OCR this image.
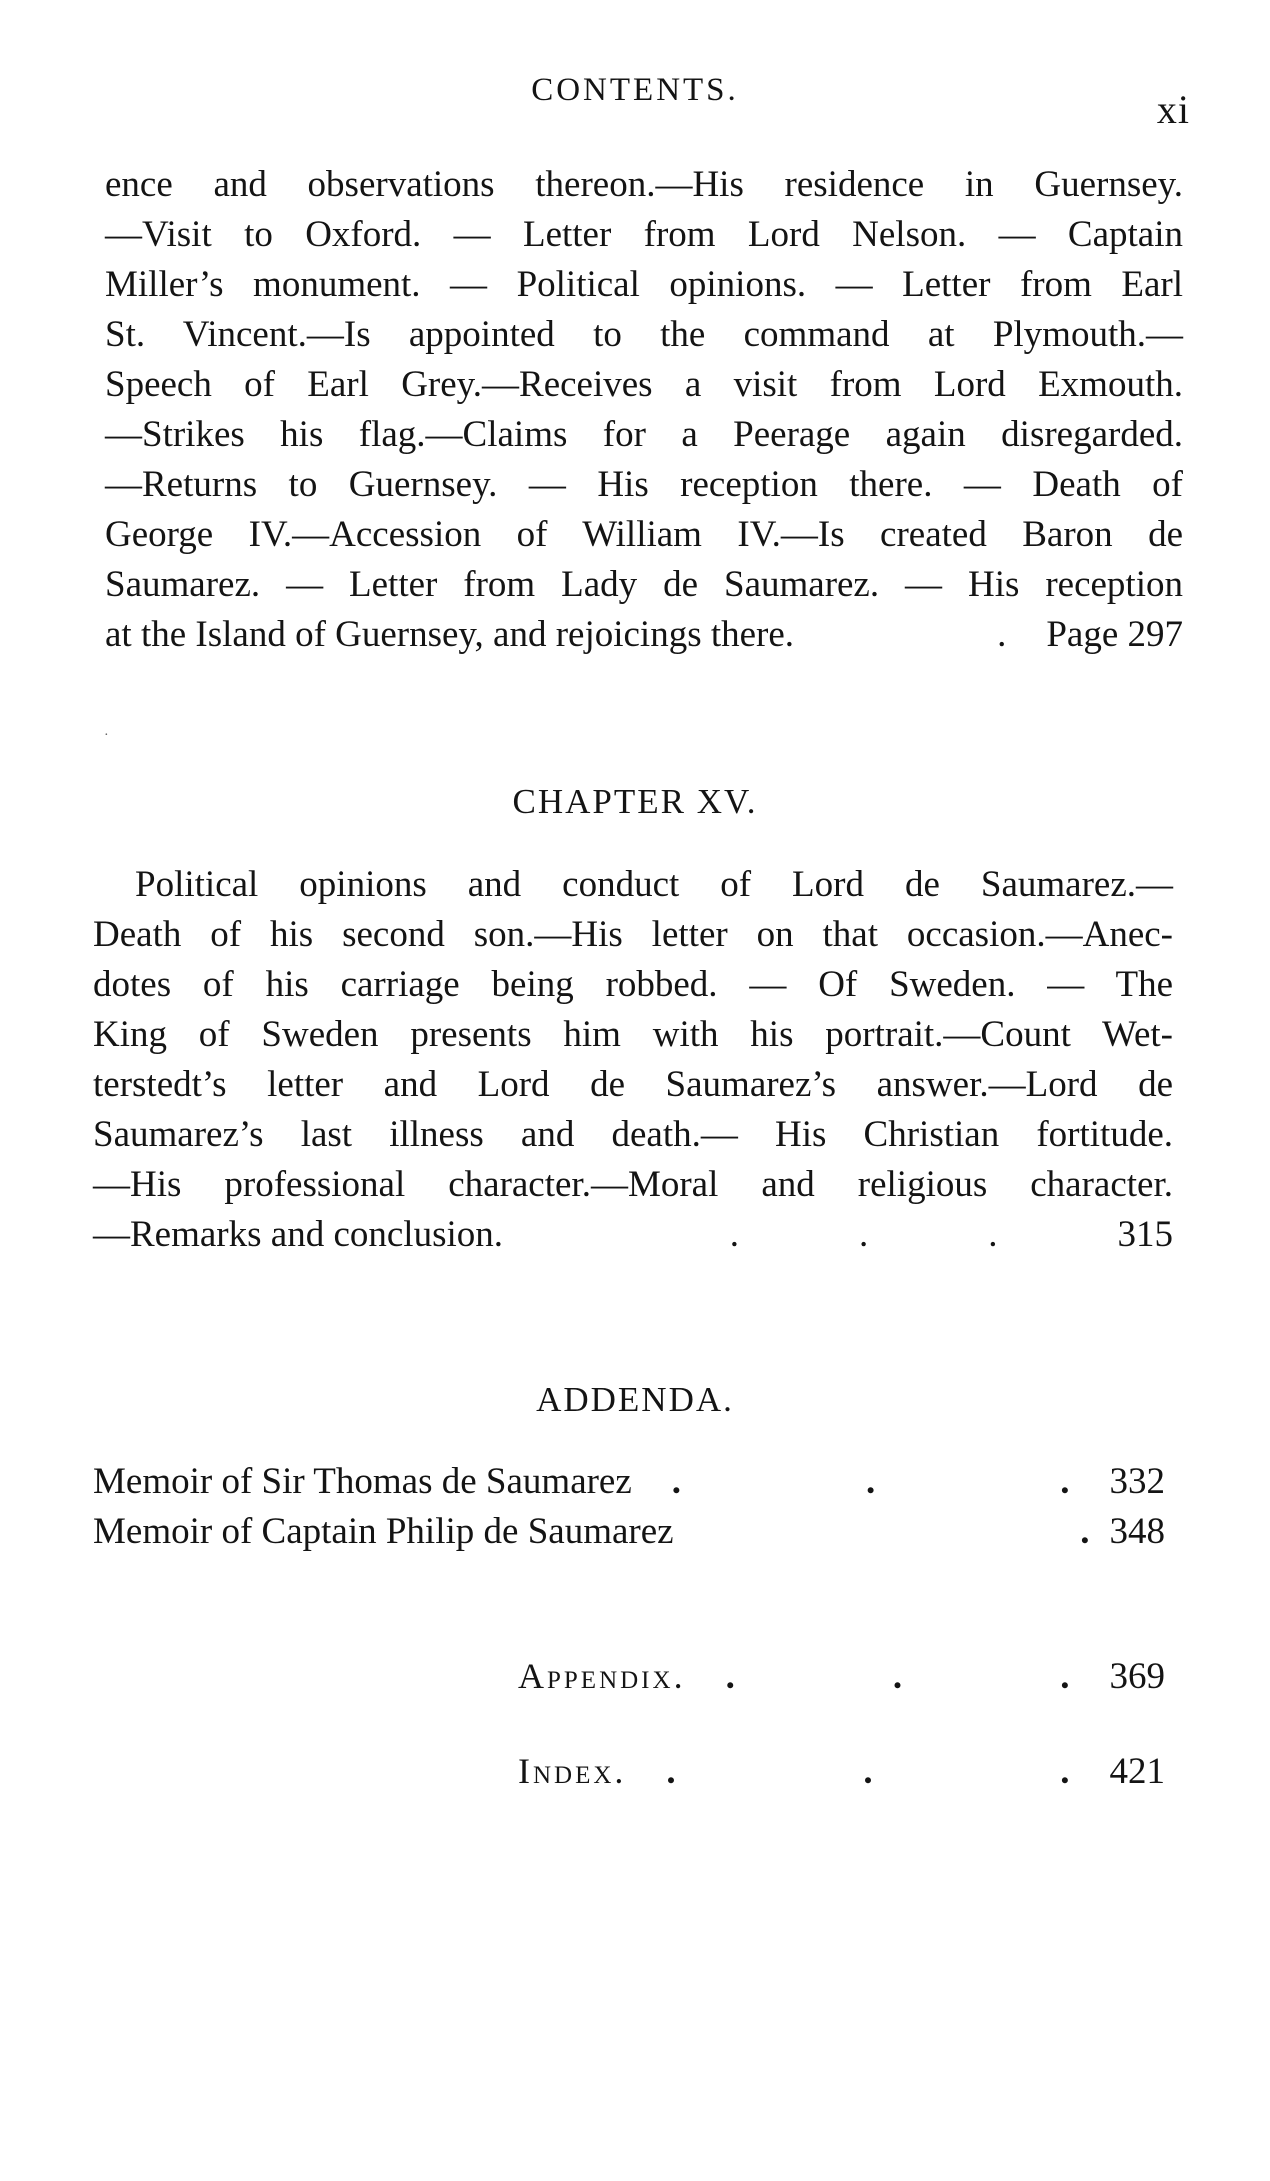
CONTENTS.	xi
ence and observations thereon.—His residence in Guernsey.
—Visit to Oxford. — Letter from Lord Nelson. — Captain
Miller’s monument. — Political opinions. — Letter from Earl
St. Vincent.—Is appointed to the command at Plymouth.—
Speech of Earl Grey.—Receives a visit from Lord Exmouth.
—Strikes his flag.—Claims for a Peerage again disregarded.
—Returns to Guernsey. — His reception there. — Death of
George IV.—Accession of William IV.—Is created Baron de
Saumarez. — Letter from Lady de Saumarez. — His reception
at the Island of Guernsey, and rejoicings there.	. Page 297
·
CHAPTER XV.
Political opinions and conduct of Lord de Saumarez.—
Death of his second son.—His letter on that occasion.—Anec-
dotes of his carriage being robbed. — Of Sweden. — The
King of Sweden presents him with his portrait.—Count Wet-
terstedt’s letter and Lord de Saumarez’s answer.—Lord de
Saumarez’s last illness and death.— His Christian fortitude.
—His professional character.—Moral and religious character.
—Remarks and conclusion.	.	.	.	315
ADDENDA.
Memoir of Sir Thomas de Saumarez .	.	. 332
Memoir of Captain Philip de Saumarez	. 348
Appendix. .	.	. 369
Index. .	.	. 421
